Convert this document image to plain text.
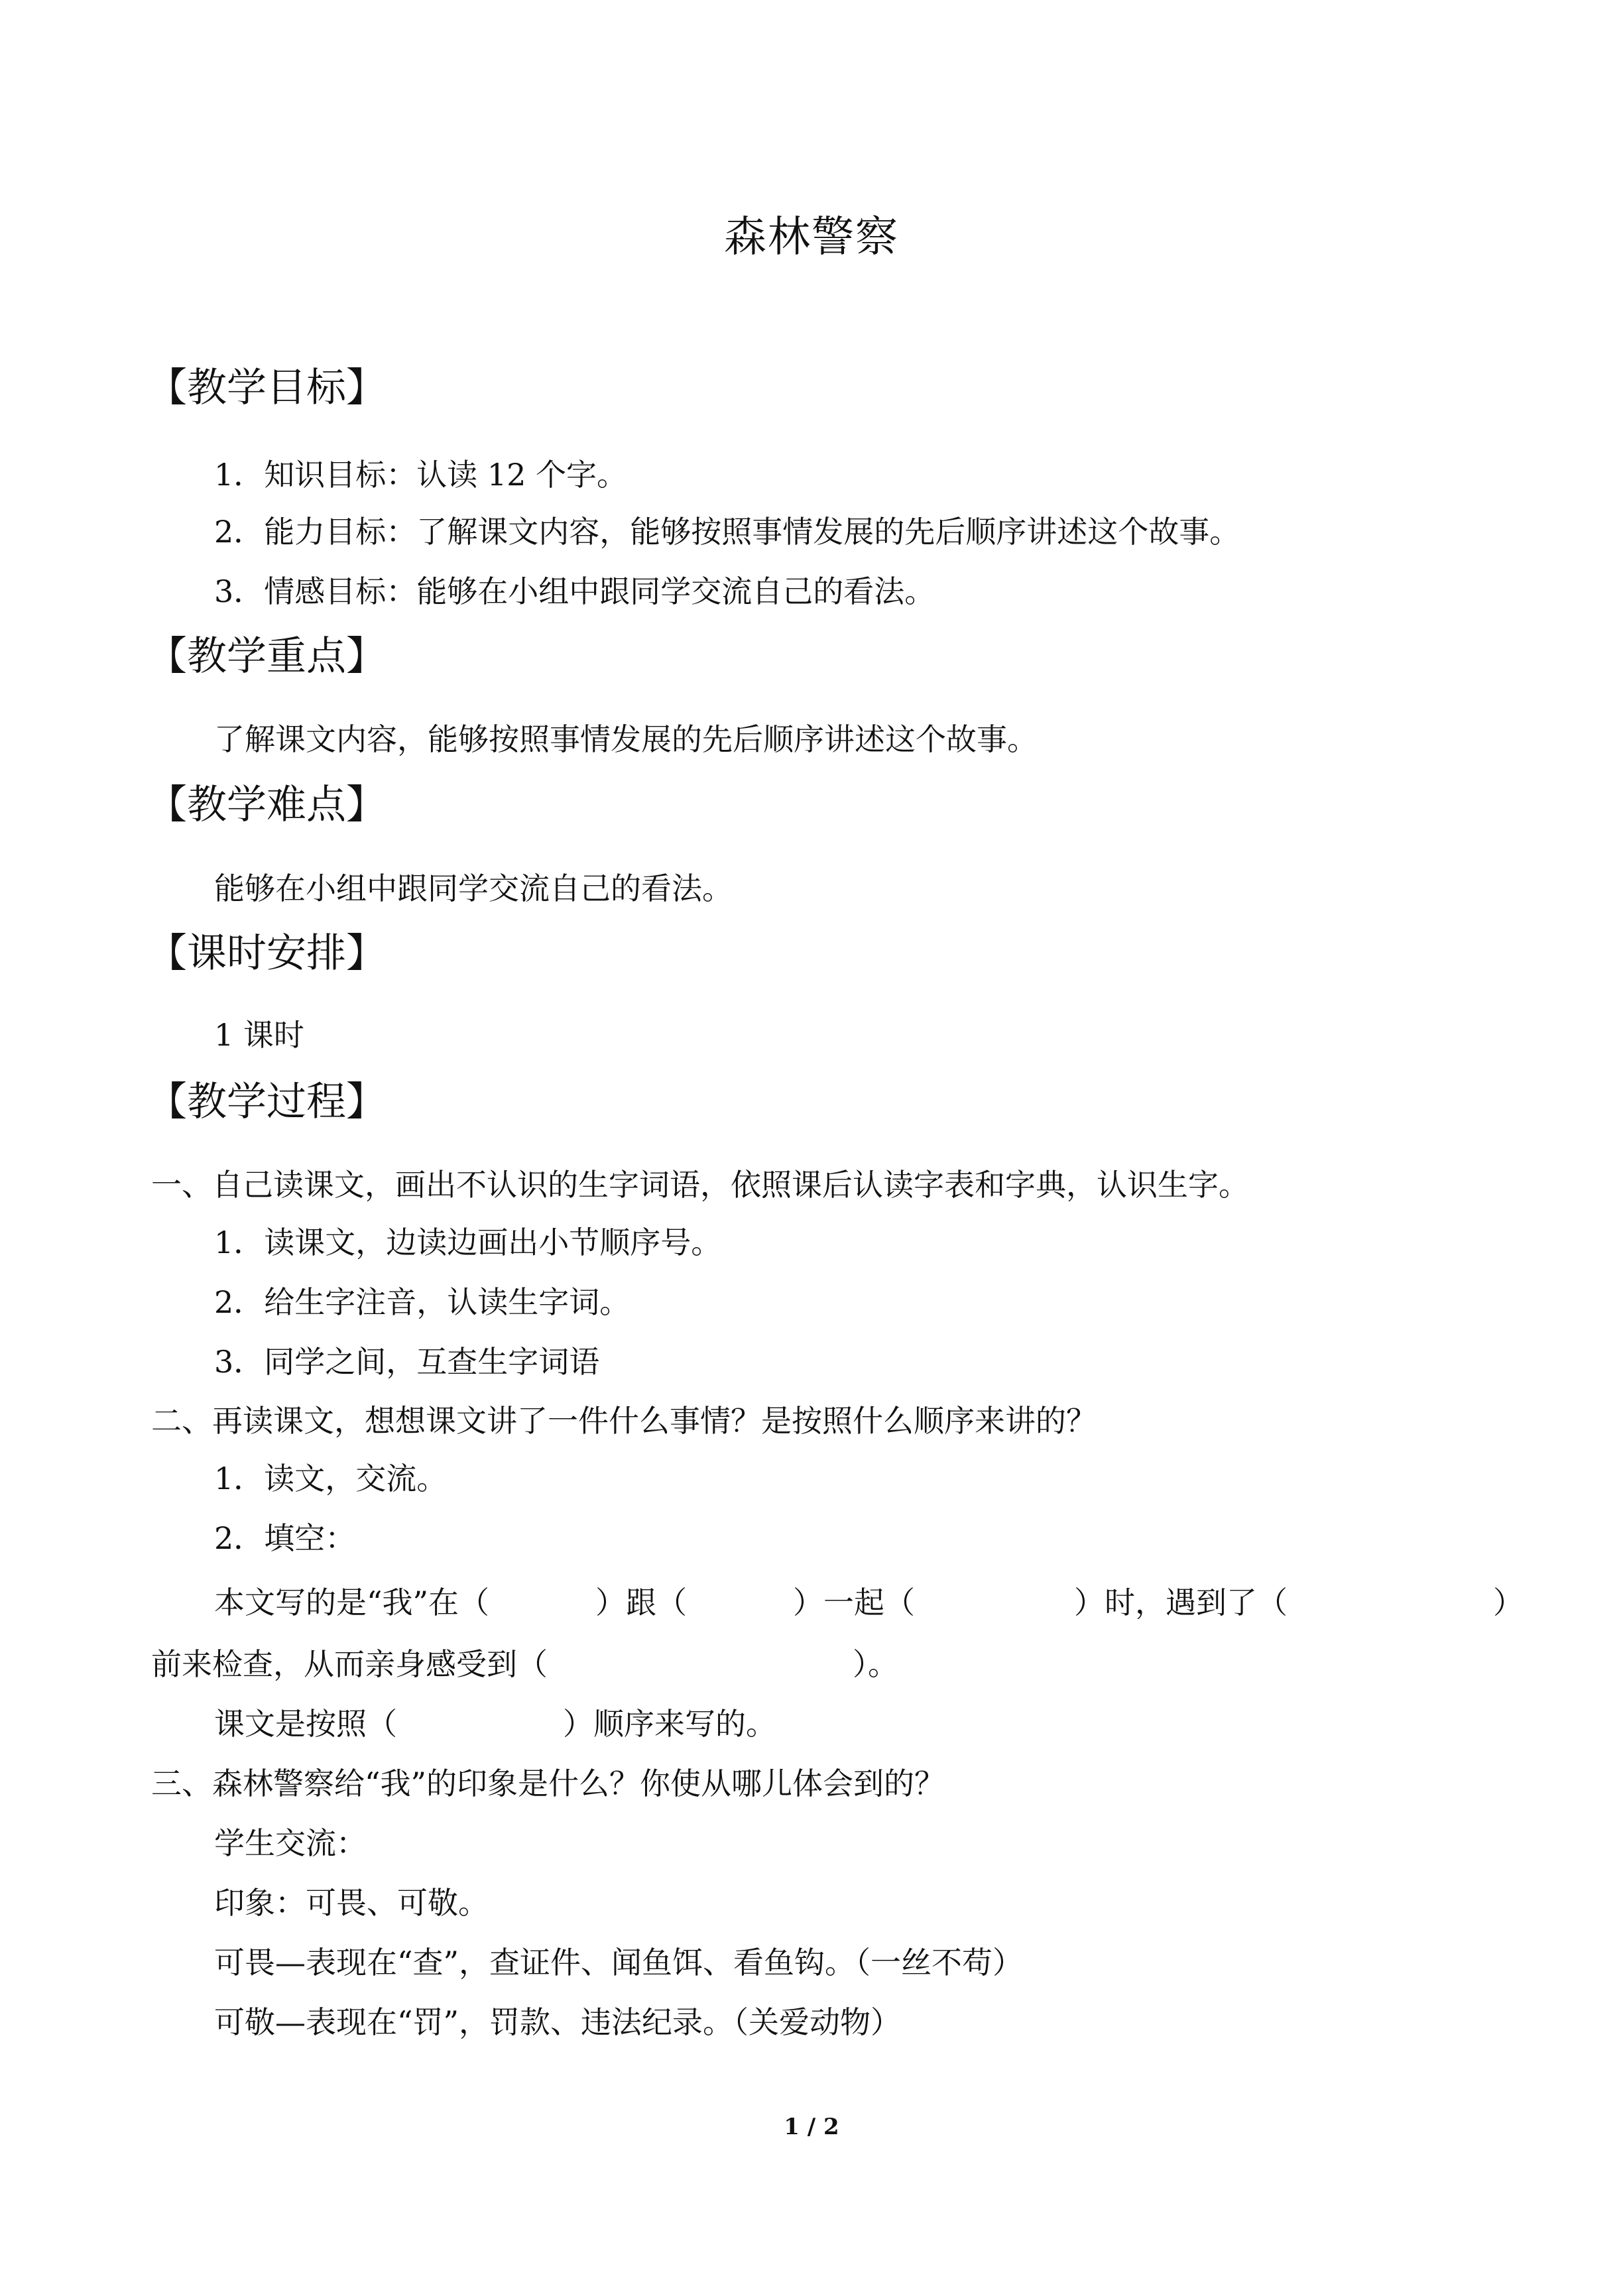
森林警察
【教学目标】
1．知识目标：认读 12 个字。
2．能力目标：了解课文内容，能够按照事情发展的先后顺序讲述这个故事。
3．情感目标：能够在小组中跟同学交流自己的看法。
【教学重点】
了解课文内容，能够按照事情发展的先后顺序讲述这个故事。
【教学难点】
能够在小组中跟同学交流自己的看法。
【课时安排】
1 课时
【教学过程】
一、自己读课文，画出不认识的生字词语，依照课后认读字表和字典，认识生字。
1．读课文，边读边画出小节顺序号。
2．给生字注音，认读生字词。
3．同学之间，互查生字词语
二、再读课文，想想课文讲了一件什么事情？是按照什么顺序来讲的？
1．读文，交流。
2．填空：
本文写的是“我”在（	）跟（	）一起（	）时，遇到了（	）
前来检查，从而亲身感受到（	）。
课文是按照（	）顺序来写的。
三、森林警察给“我”的印象是什么？你使从哪儿体会到的？
学生交流：
印象：可畏、可敬。
可畏—表现在“查”，查证件、闻鱼饵、看鱼钩。（一丝不苟）
可敬—表现在“罚”，罚款、违法纪录。（关爱动物）
1 / 2
